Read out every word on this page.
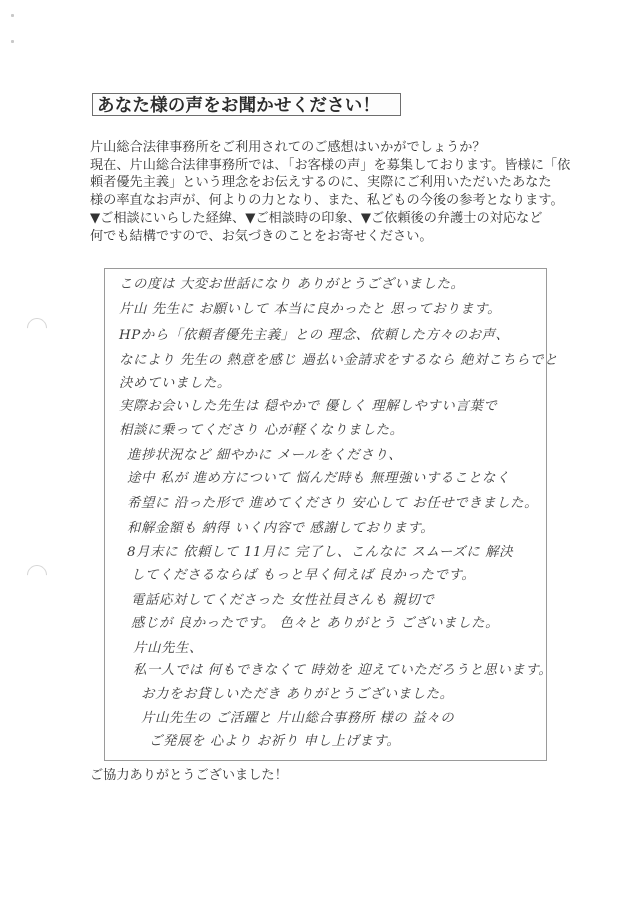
あなた様の声をお聞かせください！
片山総合法律事務所をご利用されてのご感想はいかがでしょうか？
現在、片山総合法律事務所では､「お客様の声」を募集しております。皆様に「依
頼者優先主義」という理念をお伝えするのに、実際にご利用いただいたあなた
様の率直なお声が、何よりの力となり、また、私どもの今後の参考となります。
▼ご相談にいらした経緯、▼ご相談時の印象、▼ご依頼後の弁護士の対応など
何でも結構ですので、お気づきのことをお寄せください。
この度は 大変お世話になり ありがとうございました。
片山 先生に お願いして 本当に良かったと 思っております。
HPから「依頼者優先主義」との 理念、依頼した方々のお声、
なにより 先生の 熱意を感じ 過払い金請求をするなら 絶対こちらでと
決めていました。
実際お会いした先生は 穏やかで 優しく 理解しやすい言葉で
相談に乗ってくださり 心が軽くなりました。
進捗状況など 細やかに メールをくださり、
途中 私が 進め方について 悩んだ時も 無理強いすることなく
希望に 沿った形で 進めてくださり 安心して お任せできました。
和解金額も 納得 いく内容で 感謝しております。
8月末に 依頼して 11月に 完了し、こんなに スムーズに 解決
してくださるならば もっと早く伺えば 良かったです。
電話応対してくださった 女性社員さんも 親切で
感じが 良かったです。 色々と ありがとう ございました。
片山先生、
私一人では 何もできなくて 時効を 迎えていただろうと思います。
お力をお貸しいただき ありがとうございました。
片山先生の ご活躍と 片山総合事務所 様の 益々の
ご発展を 心より お祈り 申し上げます。
ご協力ありがとうございました！
